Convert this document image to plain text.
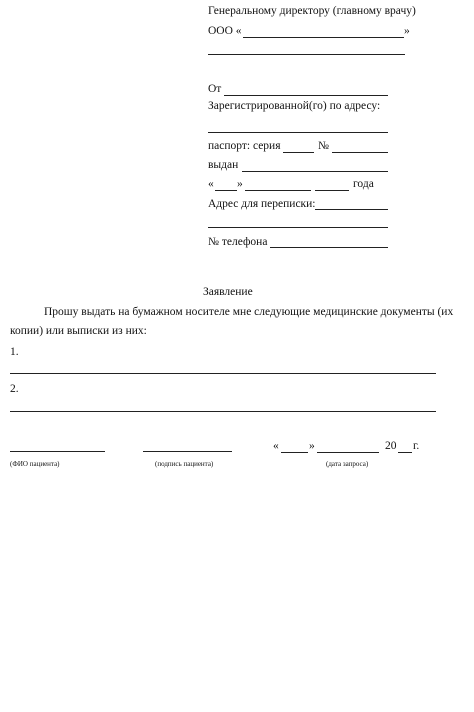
Генеральному директору (главному врачу)
ООО «	»
От
Зарегистрированной(го) по адресу:
паспорт: серия	№
выдан
« »	года
Адрес для переписки:
№ телефона
Заявление
Прошу выдать на бумажном носителе мне следующие медицинские документы (их
копии) или выписки из них:
1.
2.
«	»	20 г.
(ФИО пациента)	(подпись пациента)	(дата запроса)
